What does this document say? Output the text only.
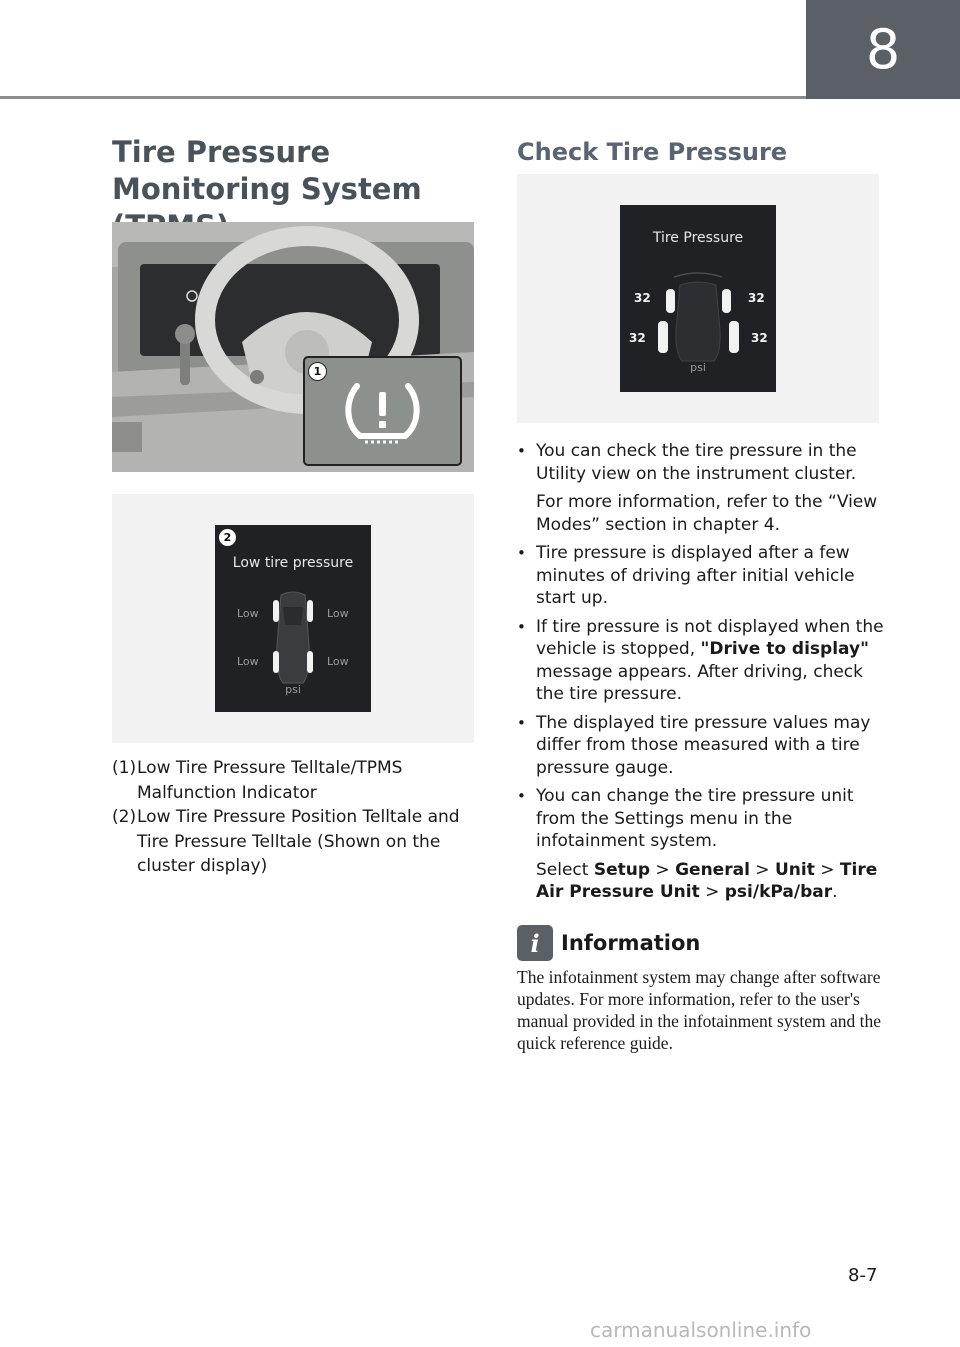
8
Tire Pressure Monitoring System
1
2
Low tire pressure
Low	Low
Low	Low
psi
(1) Low Tire Pressure Telltale/TPMS Malfunction Indicator
(2) Low Tire Pressure Position Telltale and Tire Pressure Telltale (Shown on the cluster display)
Check Tire Pressure
Tire Pressure
32	32
32	32
psi

• You can check the tire pressure in the Utility view on the instrument cluster.

For more information, refer to the “View Modes” section in chapter 4.

• Tire pressure is displayed after a few minutes of driving after initial vehicle start up.

• If tire pressure is not displayed when the vehicle is stopped, "Drive to display" message appears. After driving, check the tire pressure.

• The displayed tire pressure values may differ from those measured with a tire pressure gauge.

• You can change the tire pressure unit from the Settings menu in the infotainment system.

Select Setup > General > Unit > Tire Air Pressure Unit > psi/kPa/bar.

i	Information

The infotainment system may change after software updates. For more information, refer to the user's manual provided in the infotainment system and the quick reference guide.

8-7
carmanualsonline.info
